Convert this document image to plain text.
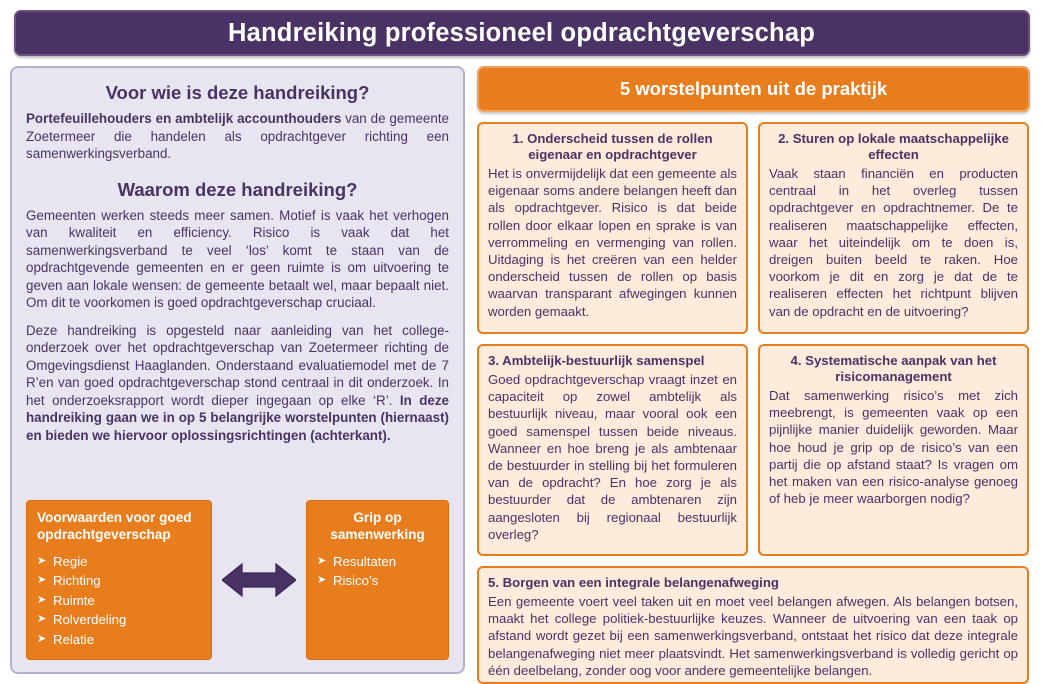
Handreiking professioneel opdrachtgeverschap
Voor wie is deze handreiking?

Portefeuillehouders en ambtelijk accounthouders van de gemeente Zoetermeer die handelen als opdrachtgever richting een samenwerkingsverband.

Waarom deze handreiking?

Gemeenten werken steeds meer samen. Motief is vaak het verhogen van kwaliteit en efficiency. Risico is vaak dat het samenwerkingsverband te veel ‘los’ komt te staan van de opdrachtgevende gemeenten en er geen ruimte is om uitvoering te geven aan lokale wensen: de gemeente betaalt wel, maar bepaalt niet. Om dit te voorkomen is goed opdrachtgeverschap cruciaal.

Deze handreiking is opgesteld naar aanleiding van het college-onderzoek over het opdrachtgeverschap van Zoetermeer richting de Omgevingsdienst Haaglanden. Onderstaand evaluatiemodel met de 7 R’en van goed opdrachtgeverschap stond centraal in dit onderzoek. In het onderzoeksrapport wordt dieper ingegaan op elke ‘R’. In deze handreiking gaan we in op 5 belangrijke worstelpunten (hiernaast) en bieden we hiervoor oplossingsrichtingen (achterkant).

Voorwaarden voor goed opdrachtgeverschap
➤ Regie
➤ Richting
➤ Ruimte
➤ Rolverdeling
➤ Relatie
Grip op samenwerking
➤ Resultaten
➤ Risico’s
5 worstelpunten uit de praktijk
1. Onderscheid tussen de rollen eigenaar en opdrachtgever

Het is onvermijdelijk dat een gemeente als eigenaar soms andere belangen heeft dan als opdrachtgever. Risico is dat beide rollen door elkaar lopen en sprake is van verrommeling en vermenging van rollen. Uitdaging is het creëren van een helder onderscheid tussen de rollen op basis waarvan transparant afwegingen kunnen worden gemaakt.

2. Sturen op lokale maatschappelijke effecten

Vaak staan financiën en producten centraal in het overleg tussen opdrachtgever en opdrachtnemer. De te realiseren maatschappelijke effecten, waar het uiteindelijk om te doen is, dreigen buiten beeld te raken. Hoe voorkom je dit en zorg je dat de te realiseren effecten het richtpunt blijven van de opdracht en de uitvoering?

3. Ambtelijk-bestuurlijk samenspel

Goed opdrachtgeverschap vraagt inzet en capaciteit op zowel ambtelijk als bestuurlijk niveau, maar vooral ook een goed samenspel tussen beide niveaus. Wanneer en hoe breng je als ambtenaar de bestuurder in stelling bij het formuleren van de opdracht? En hoe zorg je als bestuurder dat de ambtenaren zijn aangesloten bij regionaal bestuurlijk overleg?

4. Systematische aanpak van het risicomanagement

Dat samenwerking risico’s met zich meebrengt, is gemeenten vaak op een pijnlijke manier duidelijk geworden. Maar hoe houd je grip op de risico’s van een partij die op afstand staat? Is vragen om het maken van een risico-analyse genoeg of heb je meer waarborgen nodig?

5. Borgen van een integrale belangenafweging

Een gemeente voert veel taken uit en moet veel belangen afwegen. Als belangen botsen, maakt het college politiek-bestuurlijke keuzes. Wanneer de uitvoering van een taak op afstand wordt gezet bij een samenwerkingsverband, ontstaat het risico dat deze integrale belangenafweging niet meer plaatsvindt. Het samenwerkingsverband is volledig gericht op één deelbelang, zonder oog voor andere gemeentelijke belangen.
